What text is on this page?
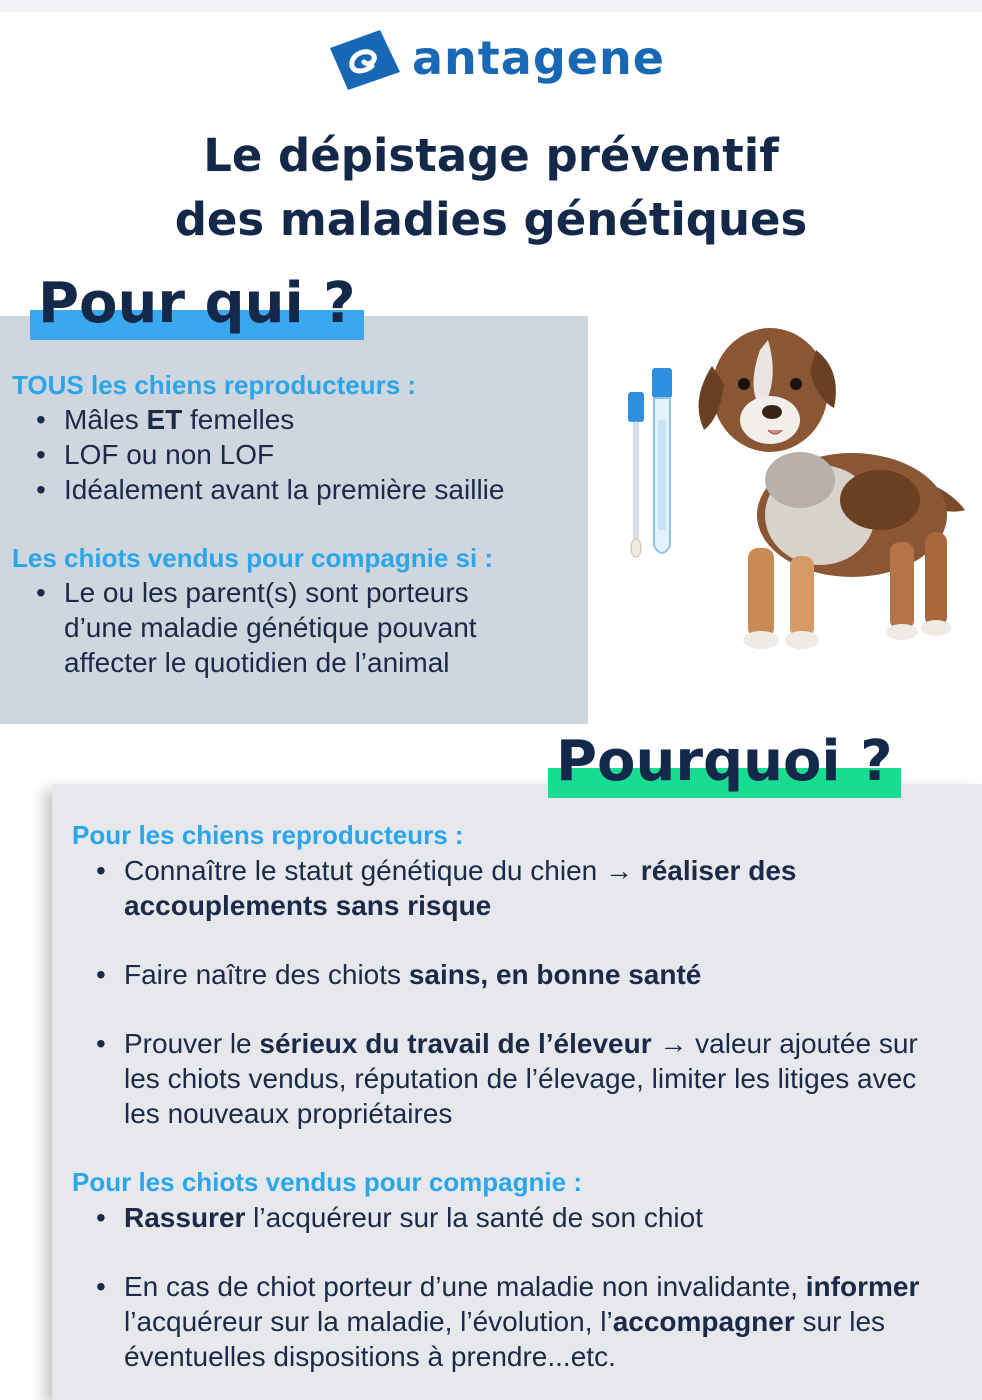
antagene
Le dépistage préventif
des maladies génétiques
Pour qui ?
TOUS les chiens reproducteurs :
• Mâles ET femelles
• LOF ou non LOF
• Idéalement avant la première saillie
Les chiots vendus pour compagnie si :
• Le ou les parent(s) sont porteurs d’une maladie génétique pouvant affecter le quotidien de l’animal
Pourquoi ?
Pour les chiens reproducteurs :
• Connaître le statut génétique du chien → réaliser des accouplements sans risque
• Faire naître des chiots sains, en bonne santé
• Prouver le sérieux du travail de l’éleveur → valeur ajoutée sur les chiots vendus, réputation de l’élevage, limiter les litiges avec les nouveaux propriétaires
Pour les chiots vendus pour compagnie :
• Rassurer l’acquéreur sur la santé de son chiot
• En cas de chiot porteur d’une maladie non invalidante, informer l’acquéreur sur la maladie, l’évolution, l’accompagner sur les éventuelles dispositions à prendre...etc.
